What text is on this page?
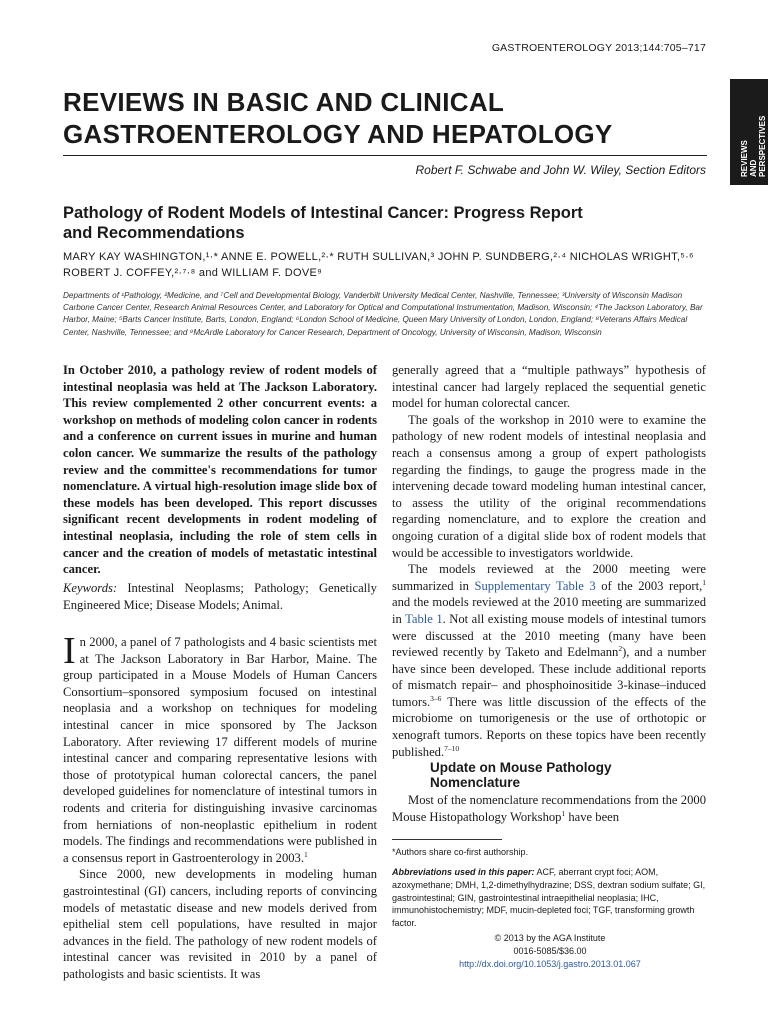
GASTROENTEROLOGY 2013;144:705–717
REVIEWS IN BASIC AND CLINICAL
GASTROENTEROLOGY AND HEPATOLOGY
Robert F. Schwabe and John W. Wiley, Section Editors	REVIEWS
AND
PERSPECTIVES
Pathology of Rodent Models of Intestinal Cancer: Progress Report
and Recommendations
MARY KAY WASHINGTON,¹·* ANNE E. POWELL,²·* RUTH SULLIVAN,³ JOHN P. SUNDBERG,²·⁴ NICHOLAS WRIGHT,⁵·⁶
ROBERT J. COFFEY,²·⁷·⁸ and WILLIAM F. DOVE⁹
Departments of ¹Pathology, ²Medicine, and ⁷Cell and Developmental Biology, Vanderbilt University Medical Center, Nashville, Tennessee; ³University of Wisconsin Madison Carbone Cancer Center, Research Animal Resources Center, and Laboratory for Optical and Computational Instrumentation, Madison, Wisconsin; ⁴The Jackson Laboratory, Bar Harbor, Maine; ⁵Barts Cancer Institute, Barts, London, England; ⁶London School of Medicine, Queen Mary University of London, London, England; ⁸Veterans Affairs Medical Center, Nashville, Tennessee; and ⁹McArdle Laboratory for Cancer Research, Department of Oncology, University of Wisconsin, Madison, Wisconsin
In October 2010, a pathology review of rodent models of intestinal neoplasia was held at The Jackson Laboratory. This review complemented 2 other concurrent events: a workshop on methods of modeling colon cancer in rodents and a conference on current issues in murine and human colon cancer. We summarize the results of the pathology review and the committee's recommendations for tumor nomenclature. A virtual high-resolution image slide box of these models has been developed. This report discusses significant recent developments in rodent modeling of intestinal neoplasia, including the role of stem cells in cancer and the creation of models of metastatic intestinal cancer.
Keywords: Intestinal Neoplasms; Pathology; Genetically Engineered Mice; Disease Models; Animal.

In 2000, a panel of 7 pathologists and 4 basic scientists met at The Jackson Laboratory in Bar Harbor, Maine. The group participated in a Mouse Models of Human Cancers Consortium–sponsored symposium focused on intestinal neoplasia and a workshop on techniques for modeling intestinal cancer in mice sponsored by The Jackson Laboratory. After reviewing 17 different models of murine intestinal cancer and comparing representative lesions with those of prototypical human colorectal cancers, the panel developed guidelines for nomenclature of intestinal tumors in rodents and criteria for distinguishing invasive carcinomas from herniations of non-neoplastic epithelium in rodent models. The findings and recommendations were published in a consensus report in Gastroenterology in 2003.$^1$

Since 2000, new developments in modeling human gastrointestinal (GI) cancers, including reports of convincing models of metastatic disease and new models derived from epithelial stem cell populations, have resulted in major advances in the field. The pathology of new rodent models of intestinal cancer was revisited in 2010 by a panel of pathologists and basic scientists. It was

generally agreed that a “multiple pathways” hypothesis of intestinal cancer had largely replaced the sequential genetic model for human colorectal cancer.

The goals of the workshop in 2010 were to examine the pathology of new rodent models of intestinal neoplasia and reach a consensus among a group of expert pathologists regarding the findings, to gauge the progress made in the intervening decade toward modeling human intestinal cancer, to assess the utility of the original recommendations regarding nomenclature, and to explore the creation and ongoing curation of a digital slide box of rodent models that would be accessible to investigators worldwide.

The models reviewed at the 2000 meeting were summarized in Supplementary Table 3 of the 2003 report,$^1$ and the models reviewed at the 2010 meeting are summarized in Table 1. Not all existing mouse models of intestinal tumors were discussed at the 2010 meeting (many have been reviewed recently by Taketo and Edelmann$^2$), and a number have since been developed. These include additional reports of mismatch repair– and phosphoinositide 3-kinase–induced tumors.$^{3-6}$ There was little discussion of the effects of the microbiome on tumorigenesis or the use of orthotopic or xenograft tumors. Reports on these topics have been recently published.$^{7-10}$

Update on Mouse Pathology Nomenclature

Most of the nomenclature recommendations from the 2000 Mouse Histopathology Workshop$^1$ have been

*Authors share co-first authorship.
Abbreviations used in this paper: ACF, aberrant crypt foci; AOM, azoxymethane; DMH, 1,2-dimethylhydrazine; DSS, dextran sodium sulfate; GI, gastrointestinal; GIN, gastrointestinal intraepithelial neoplasia; IHC, immunohistochemistry; MDF, mucin-depleted foci; TGF, transforming growth factor.
© 2013 by the AGA Institute
0016-5085/$36.00
http://dx.doi.org/10.1053/j.gastro.2013.01.067
